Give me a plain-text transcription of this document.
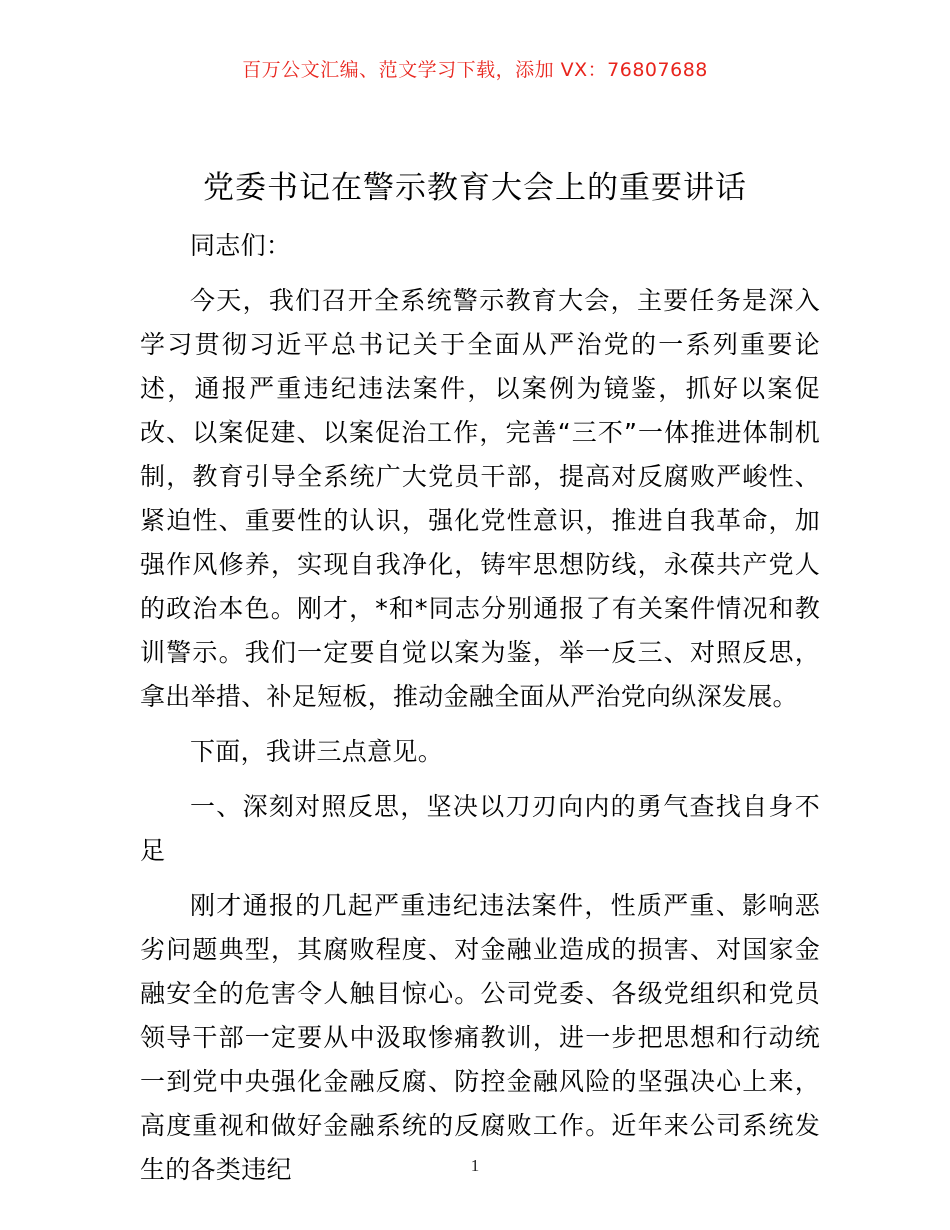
百万公文汇编、范文学习下载，添加 VX：76807688
党委书记在警示教育大会上的重要讲话

同志们：

今天，我们召开全系统警示教育大会，主要任务是深入学习贯彻习近平总书记关于全面从严治党的一系列重要论述，通报严重违纪违法案件，以案例为镜鉴，抓好以案促改、以案促建、以案促治工作，完善“三不”一体推进体制机制，教育引导全系统广大党员干部，提高对反腐败严峻性、紧迫性、重要性的认识，强化党性意识，推进自我革命，加强作风修养，实现自我净化，铸牢思想防线，永葆共产党人的政治本色。刚才，*和*同志分别通报了有关案件情况和教训警示。我们一定要自觉以案为鉴，举一反三、对照反思，拿出举措、补足短板，推动金融全面从严治党向纵深发展。

下面，我讲三点意见。

一、深刻对照反思，坚决以刀刃向内的勇气查找自身不足

刚才通报的几起严重违纪违法案件，性质严重、影响恶劣问题典型，其腐败程度、对金融业造成的损害、对国家金融安全的危害令人触目惊心。公司党委、各级党组织和党员领导干部一定要从中汲取惨痛教训，进一步把思想和行动统一到党中央强化金融反腐、防控金融风险的坚强决心上来，高度重视和做好金融系统的反腐败工作。近年来公司系统发生的各类违纪	1
